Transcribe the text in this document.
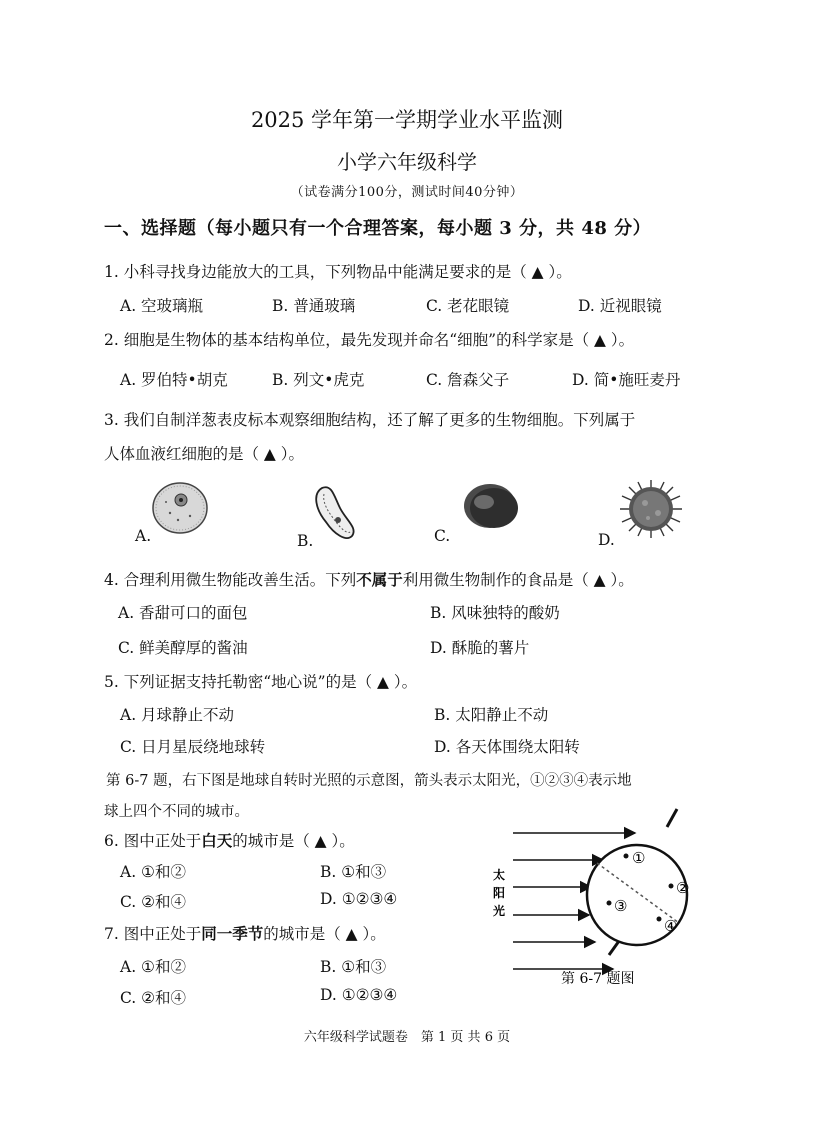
2025 学年第一学期学业水平监测
小学六年级科学
（试卷满分100分，测试时间40分钟）
一、选择题（每小题只有一个合理答案，每小题 3 分，共 48 分）
1. 小科寻找身边能放大的工具，下列物品中能满足要求的是（ ▲ ）。
A. 空玻璃瓶	B. 普通玻璃	C. 老花眼镜	D. 近视眼镜
2. 细胞是生物体的基本结构单位，最先发现并命名“细胞”的科学家是（ ▲ ）。
A. 罗伯特•胡克	B. 列文•虎克	C. 詹森父子	D. 简•施旺麦丹
3. 我们自制洋葱表皮标本观察细胞结构，还了解了更多的生物细胞。下列属于
人体血液红细胞的是（ ▲ ）。
A.	B.	C.	D.
4. 合理利用微生物能改善生活。下列不属于利用微生物制作的食品是（ ▲ ）。
A. 香甜可口的面包	B. 风味独特的酸奶
C. 鲜美醇厚的酱油	D. 酥脆的薯片
5. 下列证据支持托勒密“地心说”的是（ ▲ ）。
A. 月球静止不动	B. 太阳静止不动
C. 日月星辰绕地球转	D. 各天体围绕太阳转
第 6-7 题，右下图是地球自转时光照的示意图，箭头表示太阳光，①②③④表示地
球上四个不同的城市。
6. 图中正处于白天的城市是（ ▲ ）。
A. ①和②	B. ①和③
C. ②和④	D. ①②③④
7. 图中正处于同一季节的城市是（ ▲ ）。
A. ①和②	B. ①和③
C. ②和④	D. ①②③④
①
②
③
④
太
阳
光
第 6-7 题图
六年级科学试题卷　第 1 页 共 6 页
